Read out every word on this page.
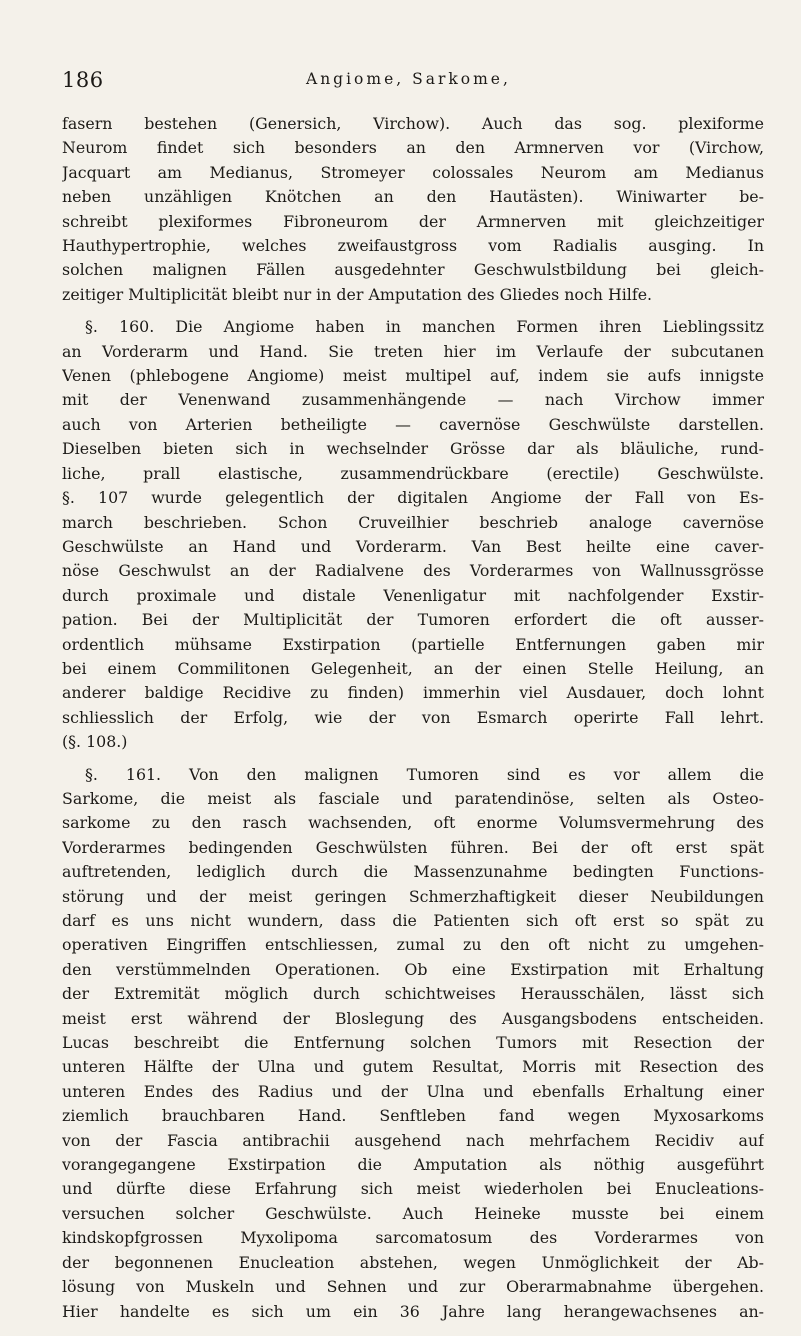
186	Angiome, Sarkome,
fasern bestehen (Genersich, Virchow). Auch das sog. plexiforme
Neurom findet sich besonders an den Armnerven vor (Virchow,
Jacquart am Medianus, Stromeyer colossales Neurom am Medianus
neben unzähligen Knötchen an den Hautästen). Winiwarter be-
schreibt plexiformes Fibroneurom der Armnerven mit gleichzeitiger
Hauthypertrophie, welches zweifaustgross vom Radialis ausging. In
solchen malignen Fällen ausgedehnter Geschwulstbildung bei gleich-
zeitiger Multiplicität bleibt nur in der Amputation des Gliedes noch Hilfe.
§. 160. Die Angiome haben in manchen Formen ihren Lieblingssitz
an Vorderarm und Hand. Sie treten hier im Verlaufe der subcutanen
Venen (phlebogene Angiome) meist multipel auf, indem sie aufs innigste
mit der Venenwand zusammenhängende — nach Virchow immer
auch von Arterien betheiligte — cavernöse Geschwülste darstellen.
Dieselben bieten sich in wechselnder Grösse dar als bläuliche, rund-
liche, prall elastische, zusammendrückbare (erectile) Geschwülste.
§. 107 wurde gelegentlich der digitalen Angiome der Fall von Es-
march beschrieben. Schon Cruveilhier beschrieb analoge cavernöse
Geschwülste an Hand und Vorderarm. Van Best heilte eine caver-
nöse Geschwulst an der Radialvene des Vorderarmes von Wallnussgrösse
durch proximale und distale Venenligatur mit nachfolgender Exstir-
pation. Bei der Multiplicität der Tumoren erfordert die oft ausser-
ordentlich mühsame Exstirpation (partielle Entfernungen gaben mir
bei einem Commilitonen Gelegenheit, an der einen Stelle Heilung, an
anderer baldige Recidive zu finden) immerhin viel Ausdauer, doch lohnt
schliesslich der Erfolg, wie der von Esmarch operirte Fall lehrt.
(§. 108.)
§. 161. Von den malignen Tumoren sind es vor allem die
Sarkome, die meist als fasciale und paratendinöse, selten als Osteo-
sarkome zu den rasch wachsenden, oft enorme Volumsvermehrung des
Vorderarmes bedingenden Geschwülsten führen. Bei der oft erst spät
auftretenden, lediglich durch die Massenzunahme bedingten Functions-
störung und der meist geringen Schmerzhaftigkeit dieser Neubildungen
darf es uns nicht wundern, dass die Patienten sich oft erst so spät zu
operativen Eingriffen entschliessen, zumal zu den oft nicht zu umgehen-
den verstümmelnden Operationen. Ob eine Exstirpation mit Erhaltung
der Extremität möglich durch schichtweises Herausschälen, lässt sich
meist erst während der Bloslegung des Ausgangsbodens entscheiden.
Lucas beschreibt die Entfernung solchen Tumors mit Resection der
unteren Hälfte der Ulna und gutem Resultat, Morris mit Resection des
unteren Endes des Radius und der Ulna und ebenfalls Erhaltung einer
ziemlich brauchbaren Hand. Senftleben fand wegen Myxosarkoms
von der Fascia antibrachii ausgehend nach mehrfachem Recidiv auf
vorangegangene Exstirpation die Amputation als nöthig ausgeführt
und dürfte diese Erfahrung sich meist wiederholen bei Enucleations-
versuchen solcher Geschwülste. Auch Heineke musste bei einem
kindskopfgrossen Myxolipoma sarcomatosum des Vorderarmes von
der begonnenen Enucleation abstehen, wegen Unmöglichkeit der Ab-
lösung von Muskeln und Sehnen und zur Oberarmabnahme übergehen.
Hier handelte es sich um ein 36 Jahre lang herangewachsenes an-
